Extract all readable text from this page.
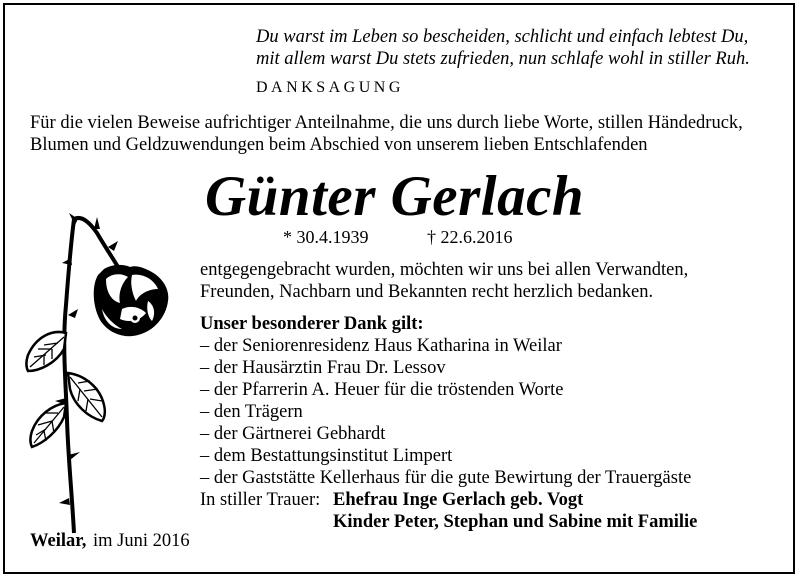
Du warst im Leben so bescheiden, schlicht und einfach lebtest Du,
mit allem warst Du stets zufrieden, nun schlafe wohl in stiller Ruh.
DANKSAGUNG
Für die vielen Beweise aufrichtiger Anteilnahme, die uns durch liebe Worte, stillen Händedruck,
Blumen und Geldzuwendungen beim Abschied von unserem lieben Entschlafenden
Günter Gerlach
* 30.4.1939	† 22.6.2016
entgegengebracht wurden, möchten wir uns bei allen Verwandten,
Freunden, Nachbarn und Bekannten recht herzlich bedanken.
Unser besonderer Dank gilt:
– der Seniorenresidenz Haus Katharina in Weilar
– der Hausärztin Frau Dr. Lessov
– der Pfarrerin A. Heuer für die tröstenden Worte
– den Trägern
– der Gärtnerei Gebhardt
– dem Bestattungsinstitut Limpert
– der Gaststätte Kellerhaus für die gute Bewirtung der Trauergäste
In stiller Trauer: Ehefrau Inge Gerlach geb. Vogt
Kinder Peter, Stephan und Sabine mit Familie
Weilar, im Juni 2016
